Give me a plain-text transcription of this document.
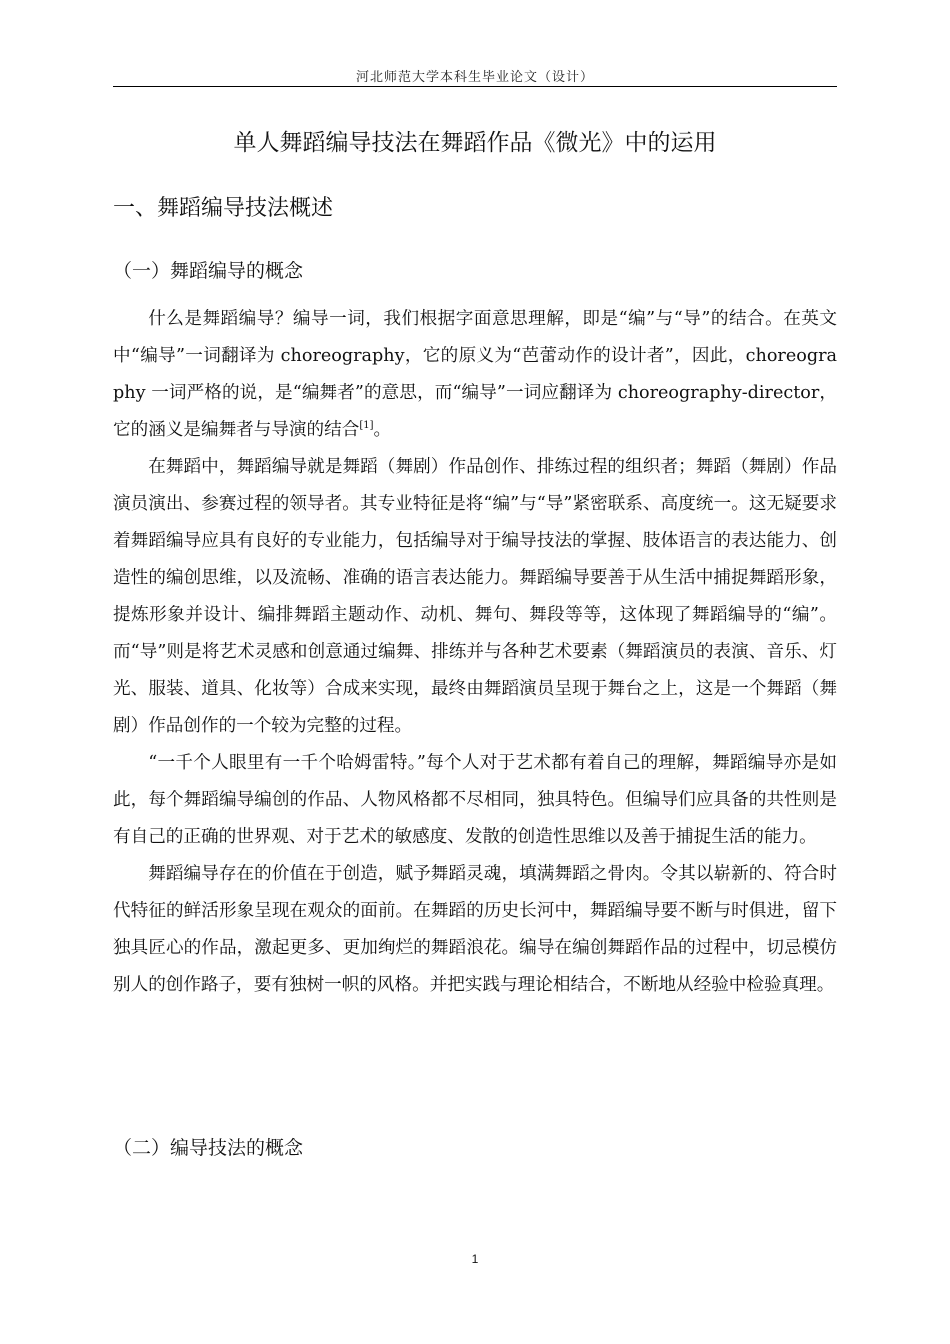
河北师范大学本科生毕业论文（设计）
单人舞蹈编导技法在舞蹈作品《微光》中的运用
一、舞蹈编导技法概述
（一）舞蹈编导的概念

什么是舞蹈编导？编导一词，我们根据字面意思理解，即是“编”与“导”的结合。在英文中“编导”一词翻译为 choreography，它的原义为“芭蕾动作的设计者”，因此，choreography 一词严格的说，是“编舞者”的意思，而“编导”一词应翻译为 choreography-director，它的涵义是编舞者与导演的结合[1]。

在舞蹈中，舞蹈编导就是舞蹈（舞剧）作品创作、排练过程的组织者；舞蹈（舞剧）作品演员演出、参赛过程的领导者。其专业特征是将“编”与“导”紧密联系、高度统一。这无疑要求着舞蹈编导应具有良好的专业能力，包括编导对于编导技法的掌握、肢体语言的表达能力、创造性的编创思维，以及流畅、准确的语言表达能力。舞蹈编导要善于从生活中捕捉舞蹈形象，提炼形象并设计、编排舞蹈主题动作、动机、舞句、舞段等等，这体现了舞蹈编导的“编”。而“导”则是将艺术灵感和创意通过编舞、排练并与各种艺术要素（舞蹈演员的表演、音乐、灯光、服装、道具、化妆等）合成来实现，最终由舞蹈演员呈现于舞台之上，这是一个舞蹈（舞剧）作品创作的一个较为完整的过程。

“一千个人眼里有一千个哈姆雷特。”每个人对于艺术都有着自己的理解，舞蹈编导亦是如此，每个舞蹈编导编创的作品、人物风格都不尽相同，独具特色。但编导们应具备的共性则是有自己的正确的世界观、对于艺术的敏感度、发散的创造性思维以及善于捕捉生活的能力。

舞蹈编导存在的价值在于创造，赋予舞蹈灵魂，填满舞蹈之骨肉。令其以崭新的、符合时代特征的鲜活形象呈现在观众的面前。在舞蹈的历史长河中，舞蹈编导要不断与时俱进，留下独具匠心的作品，激起更多、更加绚烂的舞蹈浪花。编导在编创舞蹈作品的过程中，切忌模仿别人的创作路子，要有独树一帜的风格。并把实践与理论相结合，不断地从经验中检验真理。

（二）编导技法的概念
1
